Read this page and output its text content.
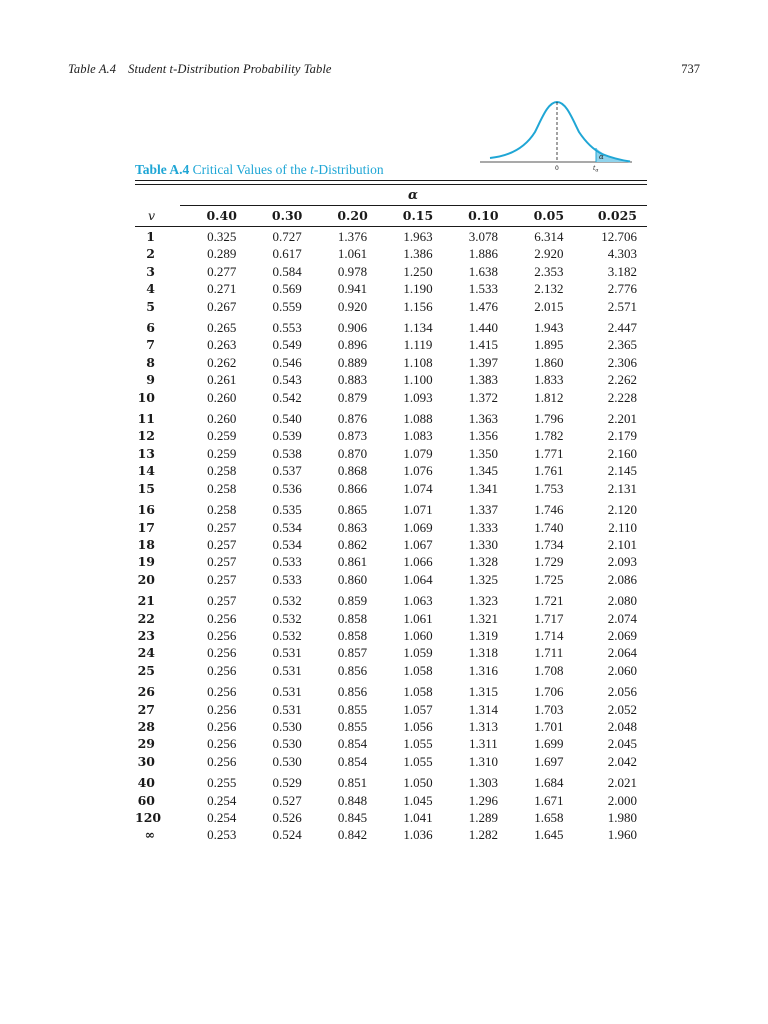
Table A.4 Student t-Distribution Probability Table	737
0
α
$t_\alpha$
Table A.4 Critical Values of the t-Distribution
α
v		0.40	0.30	0.20	0.15	0.10	0.05	0.025
1		0.325	0.727	1.376	1.963	3.078	6.314	12.706
2		0.289	0.617	1.061	1.386	1.886	2.920	4.303
3		0.277	0.584	0.978	1.250	1.638	2.353	3.182
4		0.271	0.569	0.941	1.190	1.533	2.132	2.776
5		0.267	0.559	0.920	1.156	1.476	2.015	2.571
6		0.265	0.553	0.906	1.134	1.440	1.943	2.447
7		0.263	0.549	0.896	1.119	1.415	1.895	2.365
8		0.262	0.546	0.889	1.108	1.397	1.860	2.306
9		0.261	0.543	0.883	1.100	1.383	1.833	2.262
10		0.260	0.542	0.879	1.093	1.372	1.812	2.228
11		0.260	0.540	0.876	1.088	1.363	1.796	2.201
12		0.259	0.539	0.873	1.083	1.356	1.782	2.179
13		0.259	0.538	0.870	1.079	1.350	1.771	2.160
14		0.258	0.537	0.868	1.076	1.345	1.761	2.145
15		0.258	0.536	0.866	1.074	1.341	1.753	2.131
16		0.258	0.535	0.865	1.071	1.337	1.746	2.120
17		0.257	0.534	0.863	1.069	1.333	1.740	2.110
18		0.257	0.534	0.862	1.067	1.330	1.734	2.101
19		0.257	0.533	0.861	1.066	1.328	1.729	2.093
20		0.257	0.533	0.860	1.064	1.325	1.725	2.086
21		0.257	0.532	0.859	1.063	1.323	1.721	2.080
22		0.256	0.532	0.858	1.061	1.321	1.717	2.074
23		0.256	0.532	0.858	1.060	1.319	1.714	2.069
24		0.256	0.531	0.857	1.059	1.318	1.711	2.064
25		0.256	0.531	0.856	1.058	1.316	1.708	2.060
26		0.256	0.531	0.856	1.058	1.315	1.706	2.056
27		0.256	0.531	0.855	1.057	1.314	1.703	2.052
28		0.256	0.530	0.855	1.056	1.313	1.701	2.048
29		0.256	0.530	0.854	1.055	1.311	1.699	2.045
30		0.256	0.530	0.854	1.055	1.310	1.697	2.042
40		0.255	0.529	0.851	1.050	1.303	1.684	2.021
60		0.254	0.527	0.848	1.045	1.296	1.671	2.000
120		0.254	0.526	0.845	1.041	1.289	1.658	1.980
∞		0.253	0.524	0.842	1.036	1.282	1.645	1.960
